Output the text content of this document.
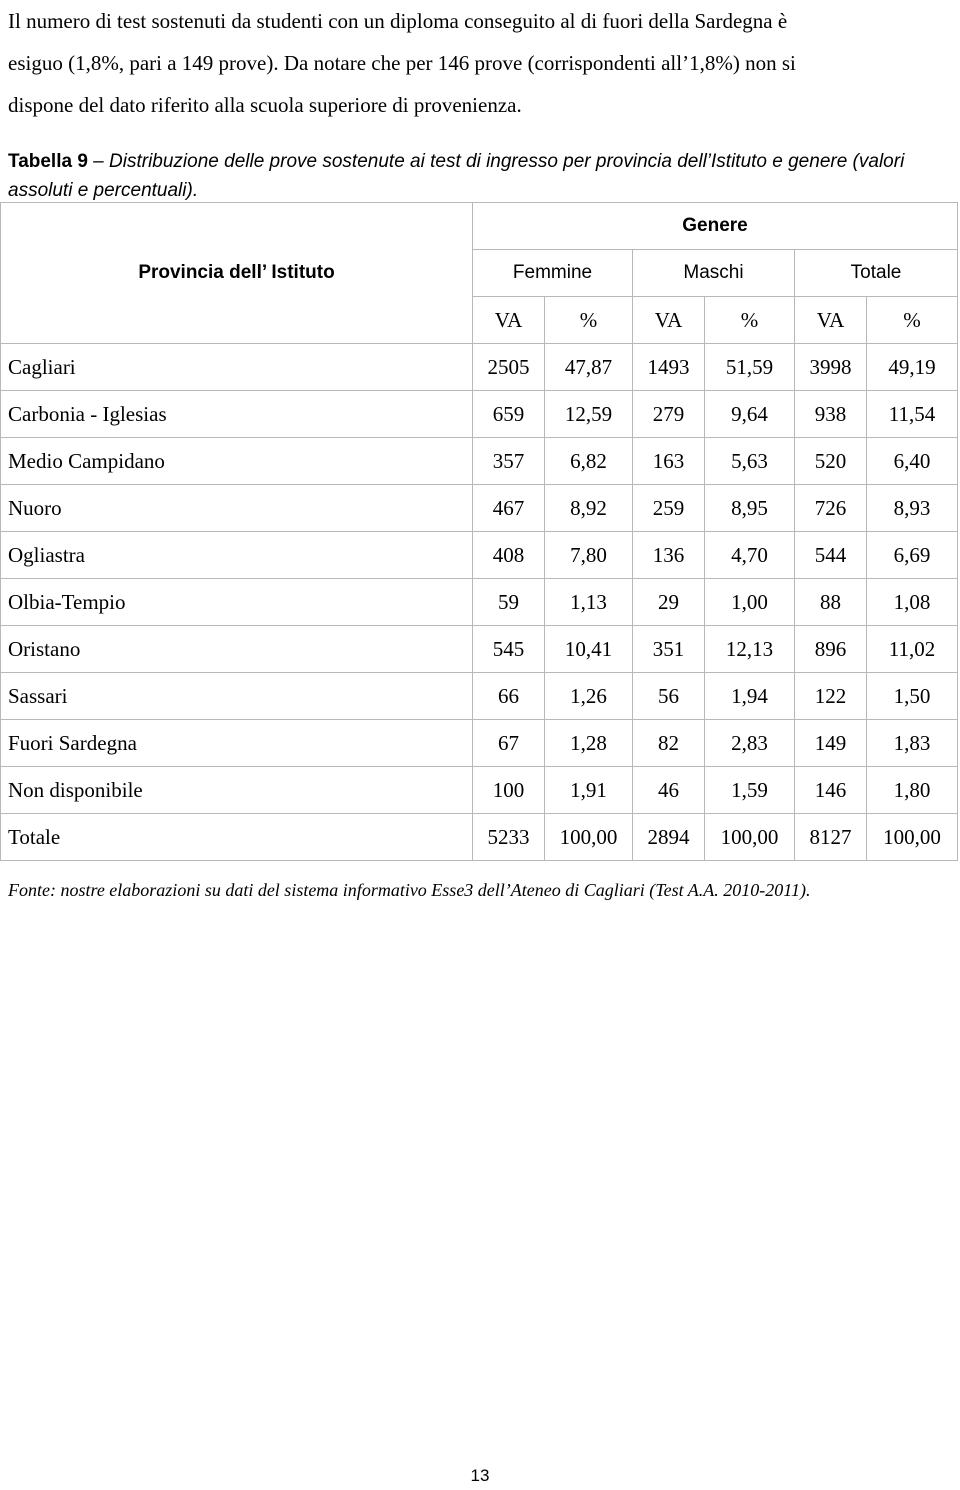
Il numero di test sostenuti da studenti con un diploma conseguito al di fuori della Sardegna è

esiguo (1,8%, pari a 149 prove). Da notare che per 146 prove (corrispondenti all’1,8%) non si

dispone del dato riferito alla scuola superiore di provenienza.

Tabella 9 – Distribuzione delle prove sostenute ai test di ingresso per provincia dell’Istituto e genere (valori assoluti e percentuali).
Provincia dell’ Istituto	Genere					
	Femmine		Maschi		Totale	
	VA	%	VA	%	VA	%
Cagliari	2505	47,87	1493	51,59	3998	49,19
Carbonia - Iglesias	659	12,59	279	9,64	938	11,54
Medio Campidano	357	6,82	163	5,63	520	6,40
Nuoro	467	8,92	259	8,95	726	8,93
Ogliastra	408	7,80	136	4,70	544	6,69
Olbia-Tempio	59	1,13	29	1,00	88	1,08
Oristano	545	10,41	351	12,13	896	11,02
Sassari	66	1,26	56	1,94	122	1,50
Fuori Sardegna	67	1,28	82	2,83	149	1,83
Non disponibile	100	1,91	46	1,59	146	1,80
Totale	5233	100,00	2894	100,00	8127	100,00
Fonte: nostre elaborazioni su dati del sistema informativo Esse3 dell’Ateneo di Cagliari (Test A.A. 2010-2011).
13
